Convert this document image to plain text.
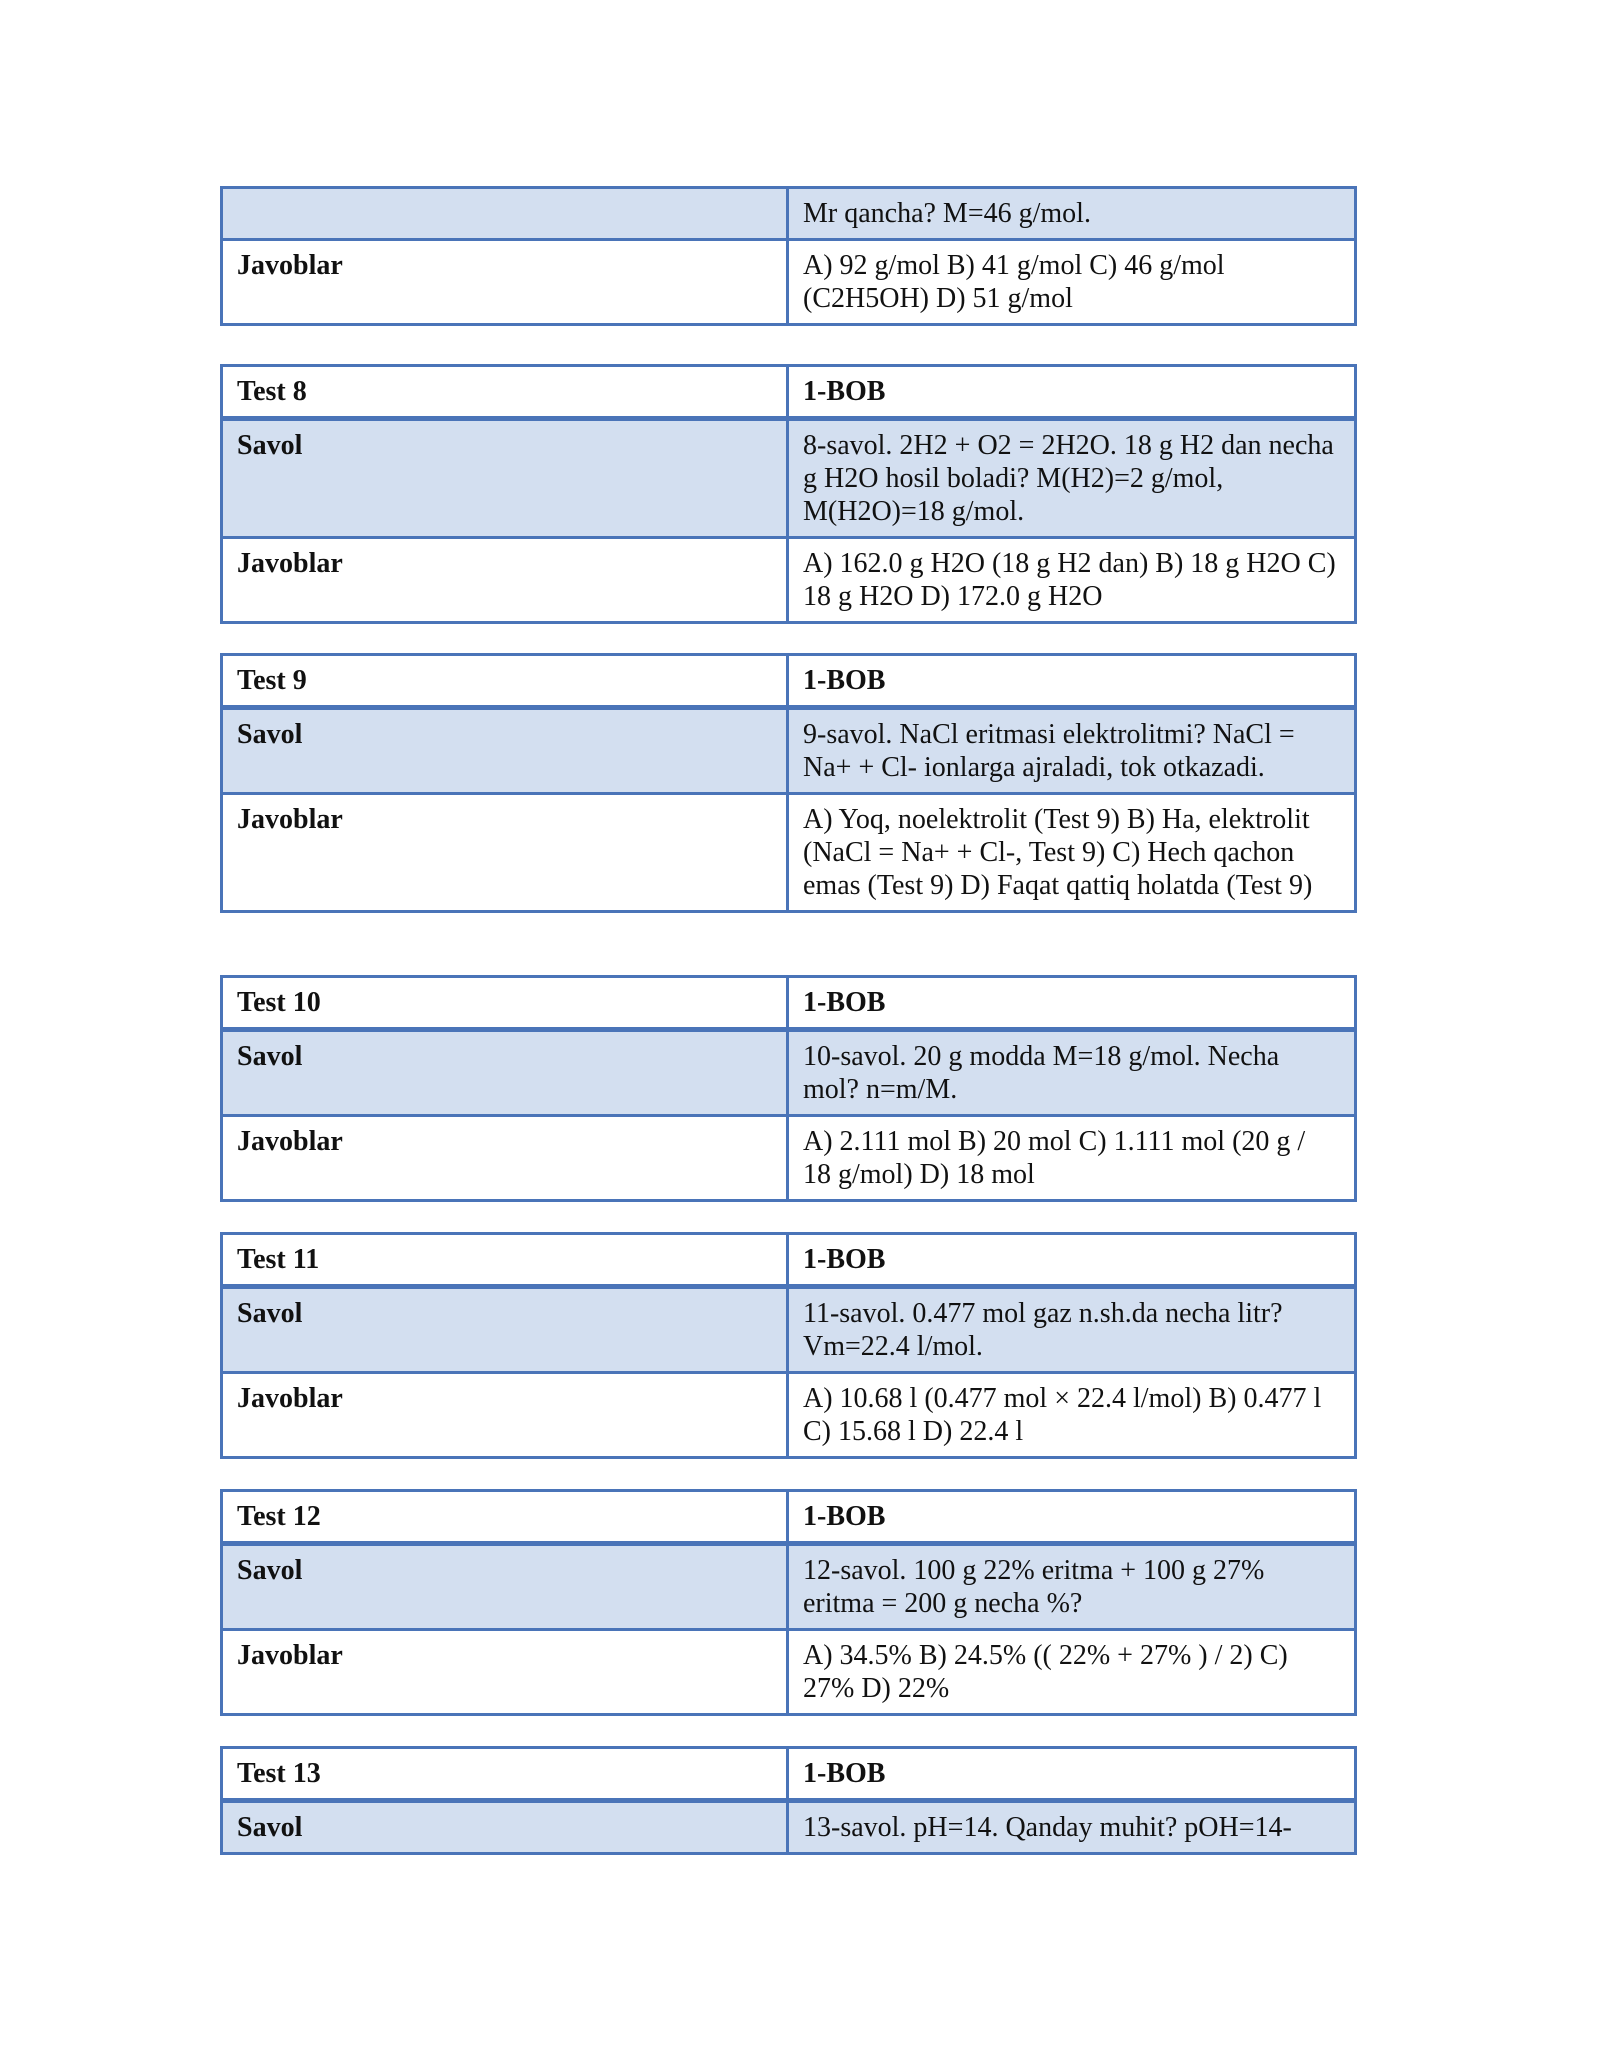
	Mr qancha? M=46 g/mol.
Javoblar	A) 92 g/mol B) 41 g/mol C) 46 g/mol (C2H5OH) D) 51 g/mol
Test 8	1-BOB
Savol	8-savol. 2H2 + O2 = 2H2O. 18 g H2 dan necha g H2O hosil boladi? M(H2)=2 g/mol, M(H2O)=18 g/mol.
Javoblar	A) 162.0 g H2O (18 g H2 dan) B) 18 g H2O C) 18 g H2O D) 172.0 g H2O
Test 9	1-BOB
Savol	9-savol. NaCl eritmasi elektrolitmi? NaCl = Na+ + Cl- ionlarga ajraladi, tok otkazadi.
Javoblar	A) Yoq, noelektrolit (Test 9) B) Ha, elektrolit (NaCl = Na+ + Cl-, Test 9) C) Hech qachon emas (Test 9) D) Faqat qattiq holatda (Test 9)
Test 10	1-BOB
Savol	10-savol. 20 g modda M=18 g/mol. Necha mol? n=m/M.
Javoblar	A) 2.111 mol B) 20 mol C) 1.111 mol (20 g / 18 g/mol) D) 18 mol
Test 11	1-BOB
Savol	11-savol. 0.477 mol gaz n.sh.da necha litr? Vm=22.4 l/mol.
Javoblar	A) 10.68 l (0.477 mol × 22.4 l/mol) B) 0.477 l C) 15.68 l D) 22.4 l
Test 12	1-BOB
Savol	12-savol. 100 g 22% eritma + 100 g 27% eritma = 200 g necha %?
Javoblar	A) 34.5% B) 24.5% (( 22% + 27% ) / 2) C) 27% D) 22%
Test 13	1-BOB
Savol	13-savol. pH=14. Qanday muhit? pOH=14-
